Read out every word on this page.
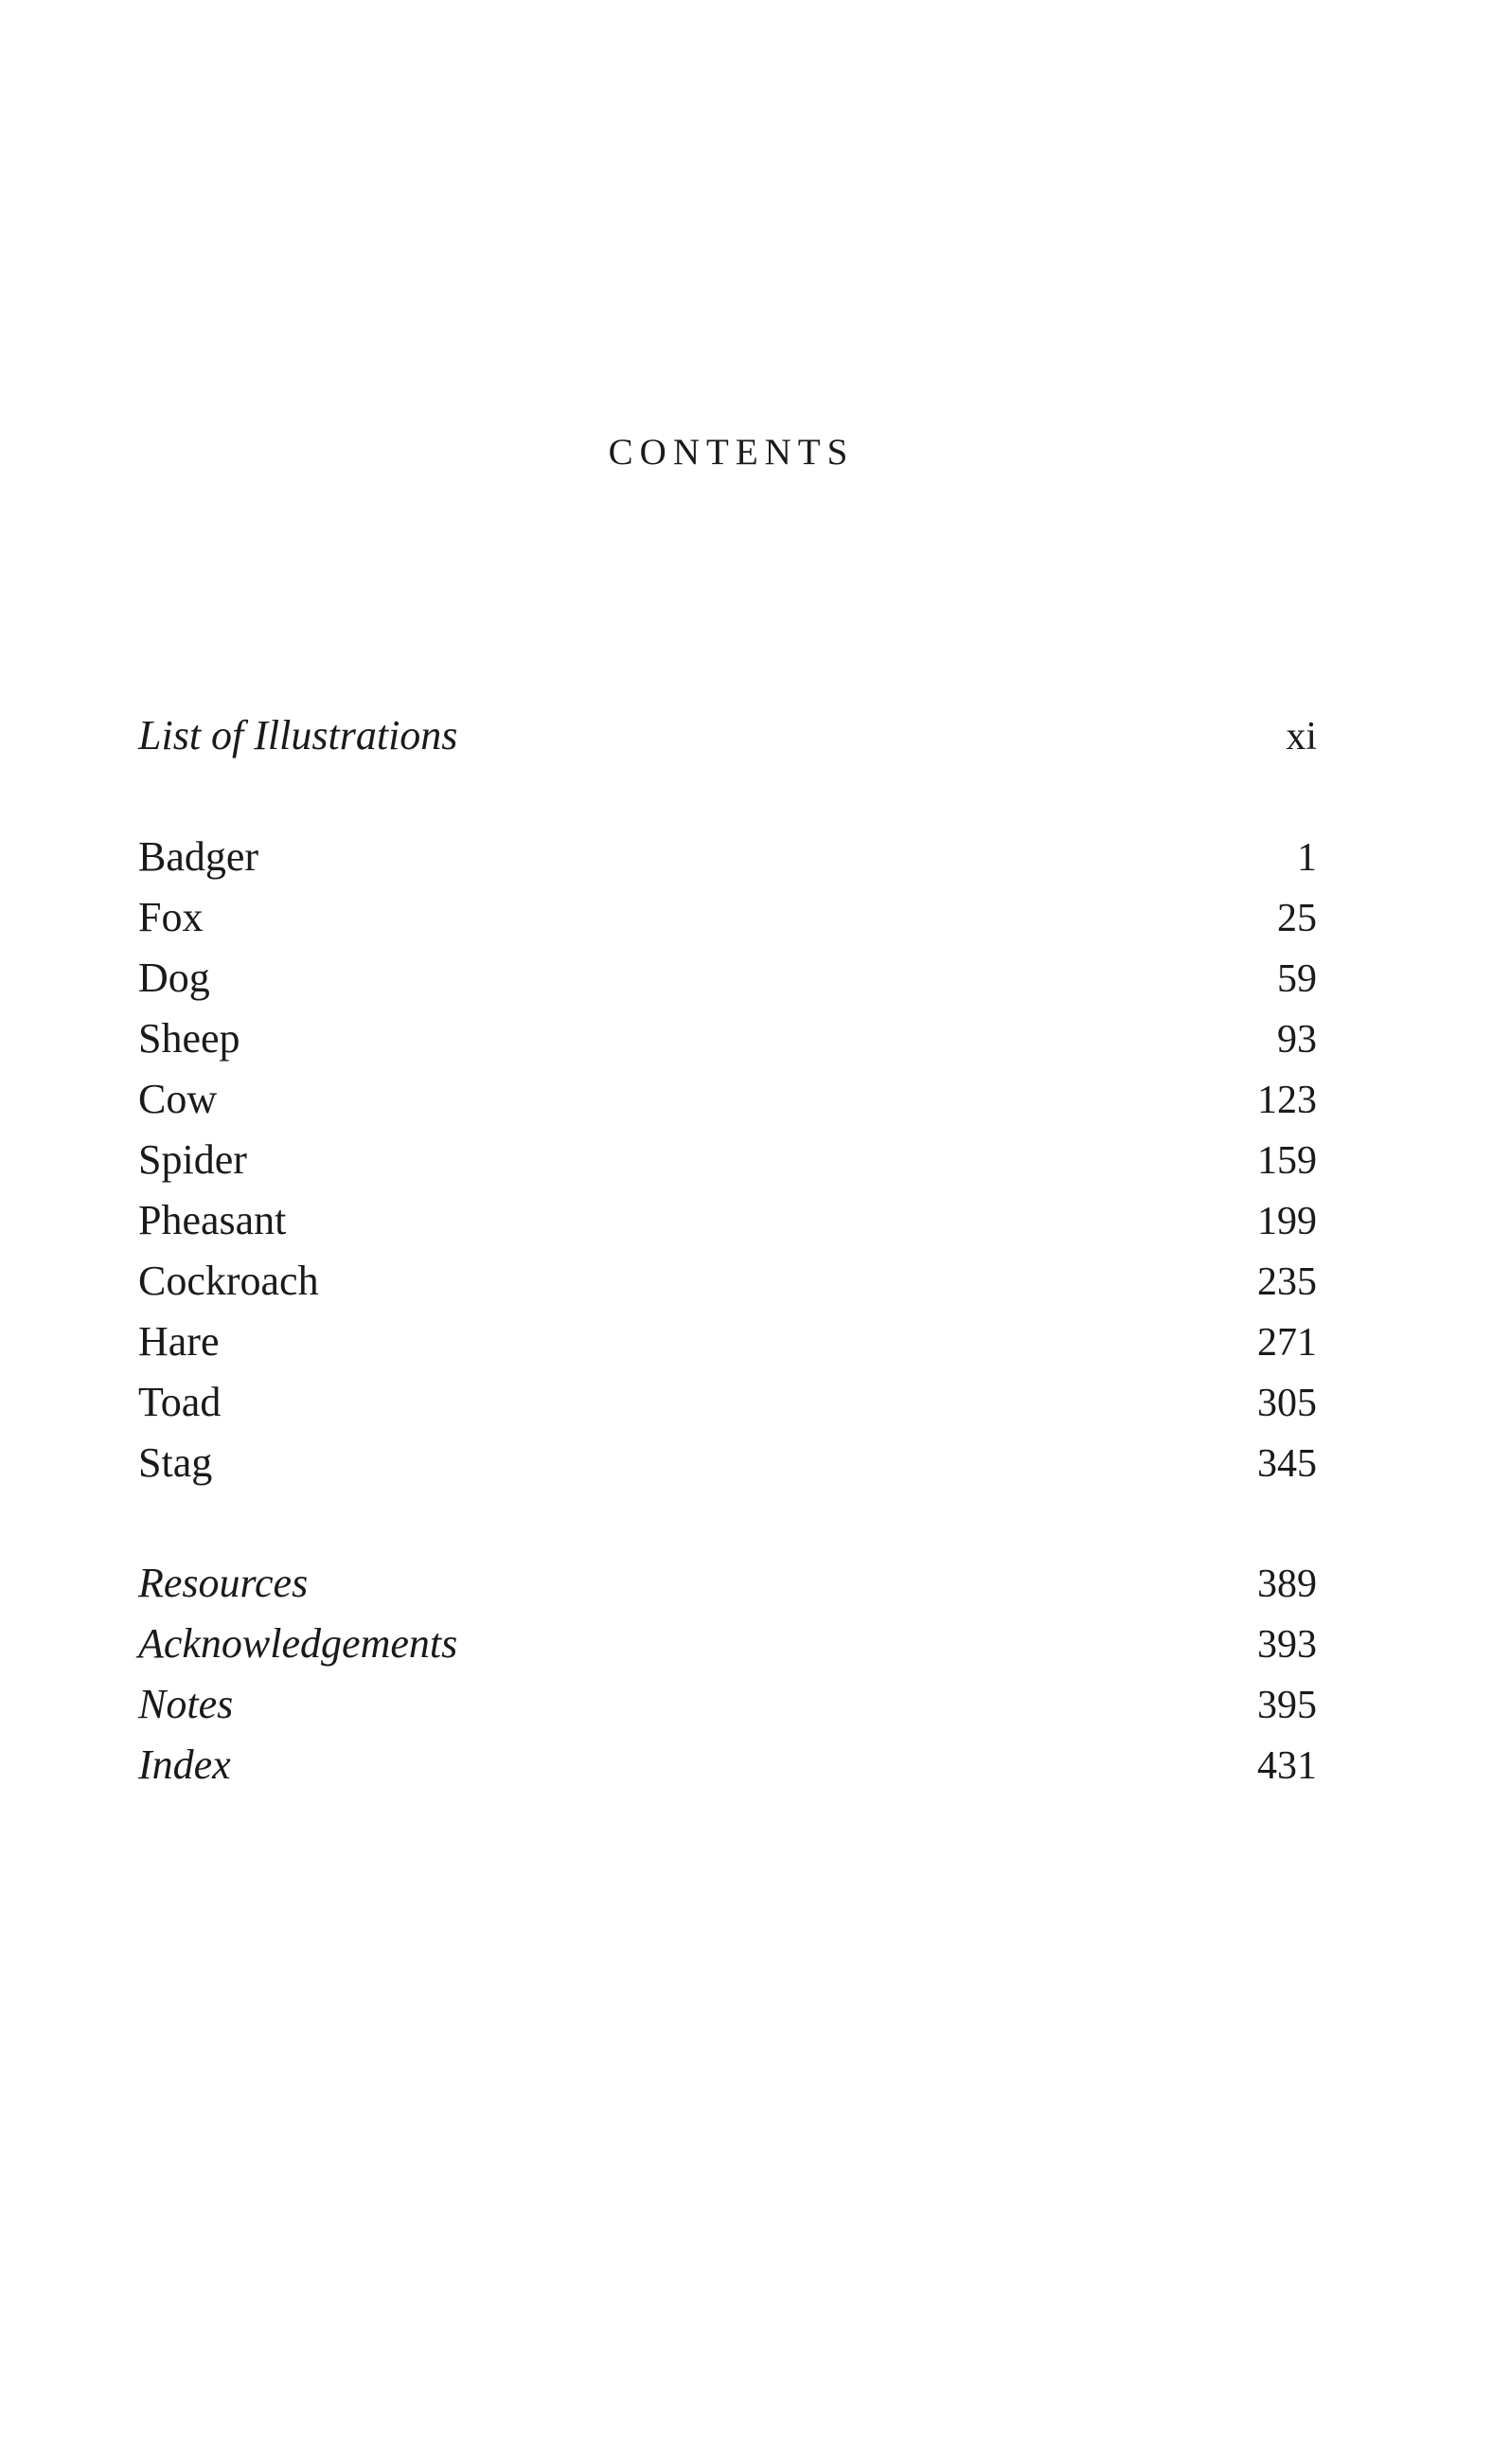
CONTENTS
List of Illustrations	xi
Badger	1
Fox	25
Dog	59
Sheep	93
Cow	123
Spider	159
Pheasant	199
Cockroach	235
Hare	271
Toad	305
Stag	345
Resources	389
Acknowledgements	393
Notes	395
Index	431
